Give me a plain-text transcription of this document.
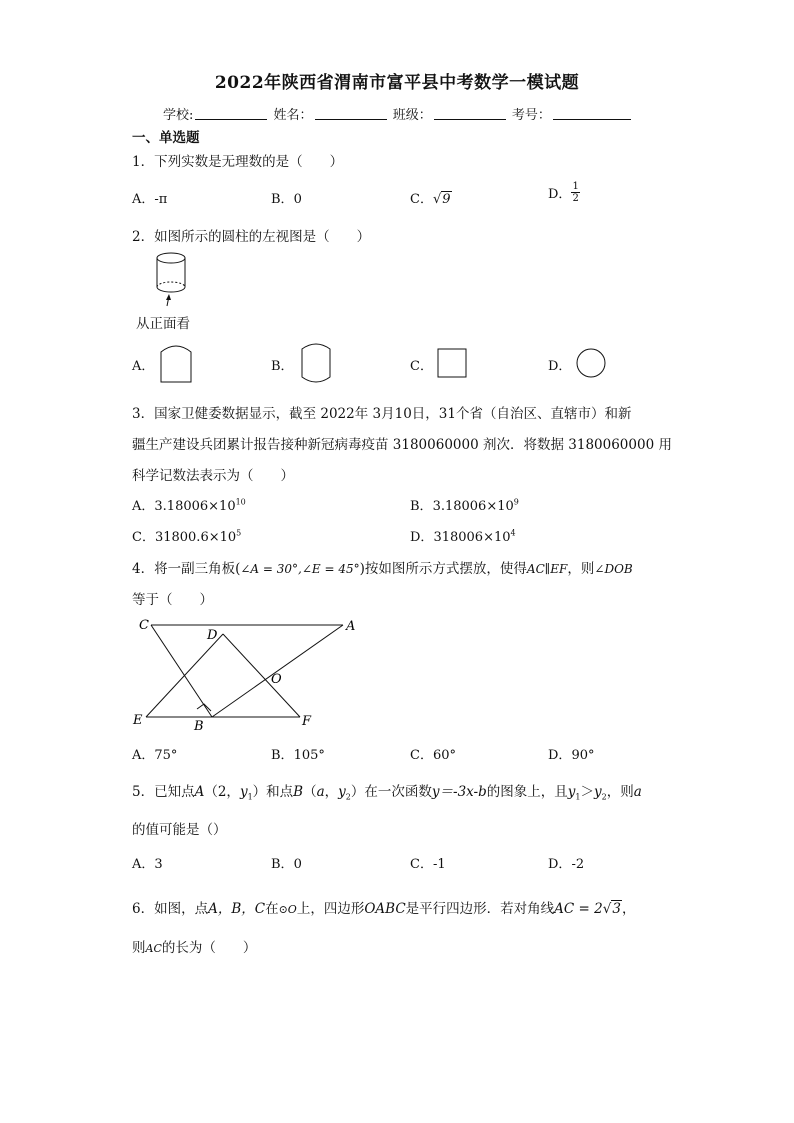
2022年陕西省渭南市富平县中考数学一模试题
学校:	姓名：	班级：	考号：
一、单选题
1．下列实数是无理数的是（　　）
A．-π	B．0	C．√9	D． $\frac{1}{2}$
2．如图所示的圆柱的左视图是（　　）
从正面看
A．	B．	C．	D．
3．国家卫健委数据显示，截至 2022年 3月10日，31个省（自治区、直辖市）和新
疆生产建设兵团累计报告接种新冠病毒疫苗 3180060000 剂次．将数据 3180060000 用
科学记数法表示为（　　）
A．$3.18006\times 10^{10}$	B．$3.18006\times 10^9$
C．$31800.6\times 10^5$	D．$318006\times 10^4$
4．将一副三角板(∠A = 30°,∠E = 45°)按如图所示方式摆放，使得AC∥EF，则∠DOB
等于（　　）
C
D
A
O
E	B	F
A．75°	B．105°	C．60°	D．90°
5．已知点A（2，$y_1$）和点B（a，$y_2$）在一次函数y＝-3x-b的图象上，且$y_1>y_2$，则a
的值可能是（）
A．3	B．0	C．-1	D．-2
6．如图，点A，B，C在⊙O上，四边形OABC是平行四边形．若对角线AC = 2√3，
则AC的长为（　　）
